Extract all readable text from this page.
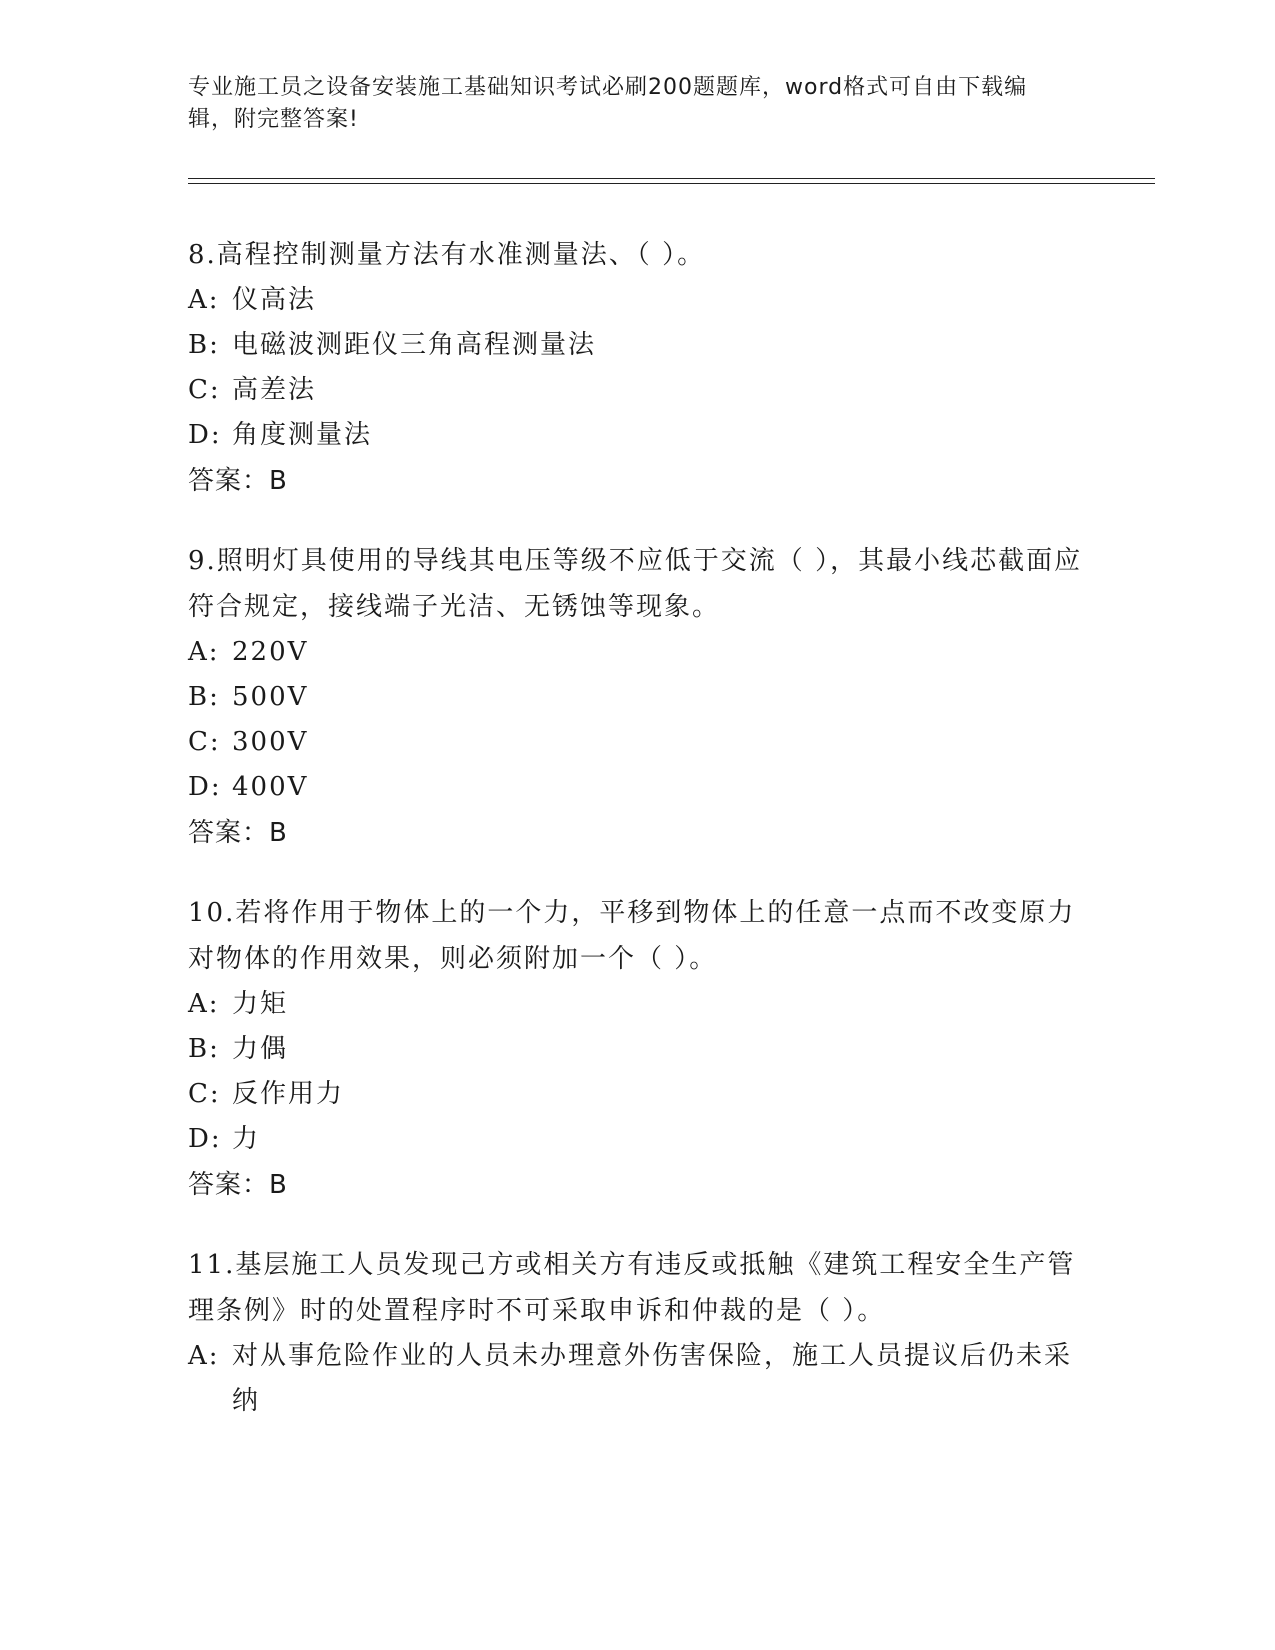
专业施工员之设备安装施工基础知识考试必刷200题题库，word格式可自由下载编辑，附完整答案!
8.高程控制测量方法有水准测量法、（ ）。
A: 仪高法
B: 电磁波测距仪三角高程测量法
C: 高差法
D: 角度测量法
答案：B
9.照明灯具使用的导线其电压等级不应低于交流（ ），其最小线芯截面应符合规定，接线端子光洁、无锈蚀等现象。
A: 220V
B: 500V
C: 300V
D: 400V
答案：B
10.若将作用于物体上的一个力，平移到物体上的任意一点而不改变原力对物体的作用效果，则必须附加一个（ ）。
A: 力矩
B: 力偶
C: 反作用力
D: 力
答案：B
11.基层施工人员发现己方或相关方有违反或抵触《建筑工程安全生产管理条例》时的处置程序时不可采取申诉和仲裁的是（ ）。
A: 对从事危险作业的人员未办理意外伤害保险，施工人员提议后仍未采纳
